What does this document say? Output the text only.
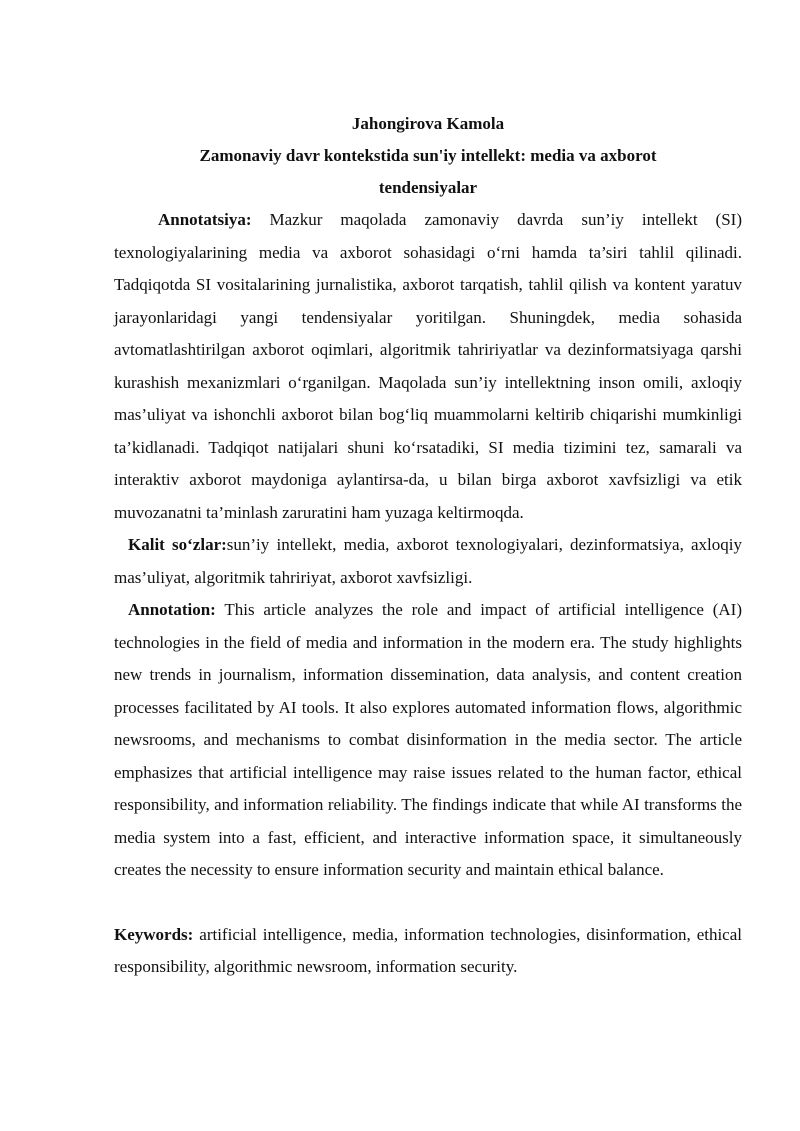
Jahongirova Kamola

Zamonaviy davr kontekstida sun'iy intellekt: media va axborot tendensiyalar

Annotatsiya: Mazkur maqolada zamonaviy davrda sun’iy intellekt (SI) texnologiyalarining media va axborot sohasidagi o‘rni hamda ta’siri tahlil qilinadi. Tadqiqotda SI vositalarining jurnalistika, axborot tarqatish, tahlil qilish va kontent yaratuv jarayonlaridagi yangi tendensiyalar yoritilgan. Shuningdek, media sohasida avtomatlashtirilgan axborot oqimlari, algoritmik tahririyatlar va dezinformatsiyaga qarshi kurashish mexanizmlari o‘rganilgan. Maqolada sun’iy intellektning inson omili, axloqiy mas’uliyat va ishonchli axborot bilan bog‘liq muammolarni keltirib chiqarishi mumkinligi ta’kidlanadi. Tadqiqot natijalari shuni ko‘rsatadiki, SI media tizimini tez, samarali va interaktiv axborot maydoniga aylantirsa-da, u bilan birga axborot xavfsizligi va etik muvozanatni ta’minlash zaruratini ham yuzaga keltirmoqda.

Kalit so‘zlar:sun’iy intellekt, media, axborot texnologiyalari, dezinformatsiya, axloqiy mas’uliyat, algoritmik tahririyat, axborot xavfsizligi.

Annotation: This article analyzes the role and impact of artificial intelligence (AI) technologies in the field of media and information in the modern era. The study highlights new trends in journalism, information dissemination, data analysis, and content creation processes facilitated by AI tools. It also explores automated information flows, algorithmic newsrooms, and mechanisms to combat disinformation in the media sector. The article emphasizes that artificial intelligence may raise issues related to the human factor, ethical responsibility, and information reliability. The findings indicate that while AI transforms the media system into a fast, efficient, and interactive information space, it simultaneously creates the necessity to ensure information security and maintain ethical balance.

Keywords: artificial intelligence, media, information technologies, disinformation, ethical responsibility, algorithmic newsroom, information security.
